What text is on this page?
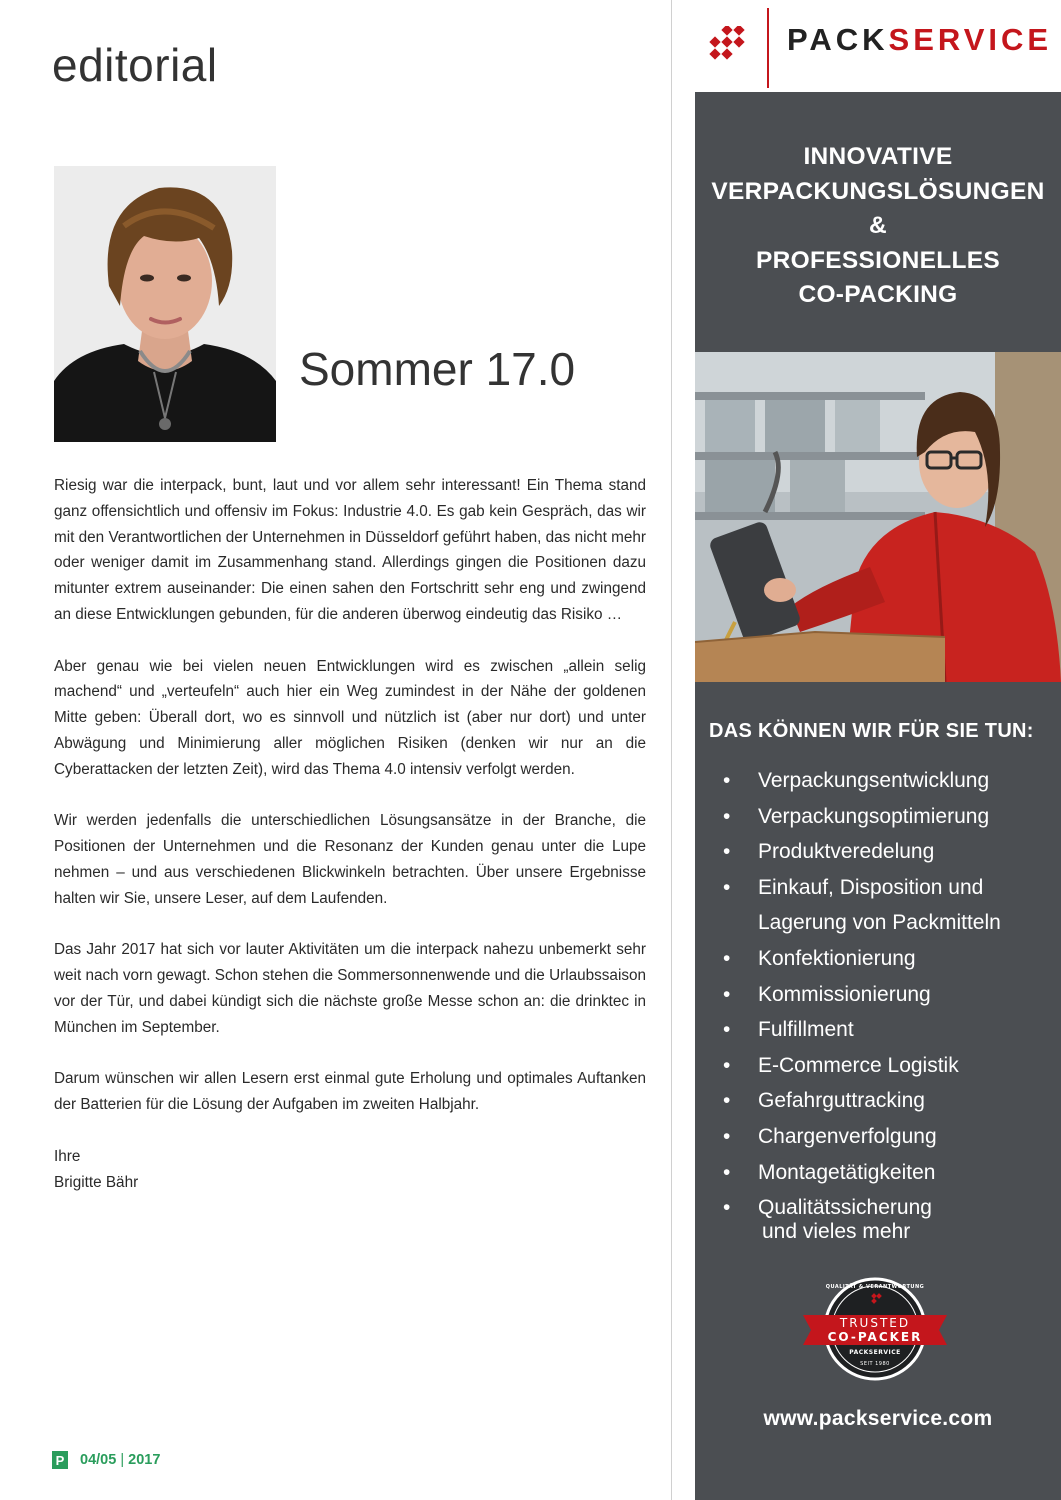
editorial
Sommer 17.0

Riesig war die interpack, bunt, laut und vor allem sehr interessant! Ein Thema stand ganz offensichtlich und offensiv im Fokus: Industrie 4.0. Es gab kein Gespräch, das wir mit den Verantwortlichen der Unternehmen in Düsseldorf geführt haben, das nicht mehr oder weniger damit im Zusammenhang stand. Allerdings gingen die Positionen dazu mitunter extrem auseinander: Die einen sahen den Fortschritt sehr eng und zwingend an diese Entwicklungen gebunden, für die anderen überwog eindeutig das Risiko …

Aber genau wie bei vielen neuen Entwicklungen wird es zwischen „allein selig machend“ und „verteufeln“ auch hier ein Weg zumindest in der Nähe der goldenen Mitte geben: Überall dort, wo es sinnvoll und nützlich ist (aber nur dort) und unter Abwägung und Minimierung aller möglichen Risiken (denken wir nur an die Cyberattacken der letzten Zeit), wird das Thema 4.0 intensiv verfolgt werden.

Wir werden jedenfalls die unterschiedlichen Lösungsansätze in der Branche, die Positionen der Unternehmen und die Resonanz der Kunden genau unter die Lupe nehmen – und aus verschiedenen Blickwinkeln betrachten. Über unsere Ergebnisse halten wir Sie, unsere Leser, auf dem Laufenden.

Das Jahr 2017 hat sich vor lauter Aktivitäten um die interpack nahezu unbemerkt sehr weit nach vorn gewagt. Schon stehen die Sommersonnenwende und die Urlaubssaison vor der Tür, und dabei kündigt sich die nächste große Messe schon an: die drinktec in München im September.

Darum wünschen wir allen Lesern erst einmal gute Erholung und optimales Auftanken der Batterien für die Lösung der Aufgaben im zweiten Halbjahr.

Ihre

Brigitte Bähr

P 04/05 | 2017
PACKSERVICE
INNOVATIVE
VERPACKUNGSLÖSUNGEN
&
PROFESSIONELLES
CO-PACKING
DAS KÖNNEN WIR FÜR SIE TUN:
• Verpackungsentwicklung
• Verpackungsoptimierung
• Produktveredelung
• Einkauf, Disposition und Lagerung von Packmitteln
• Konfektionierung
• Kommissionierung
• Fulfillment
• E-Commerce Logistik
• Gefahrguttracking
• Chargenverfolgung
• Montagetätigkeiten
• Qualitätssicherung
und vieles mehr
QUALITÄT & VERANTWORTUNG
TRUSTED
CO-PACKER
PACKSERVICE
SEIT 1980
www.packservice.com
